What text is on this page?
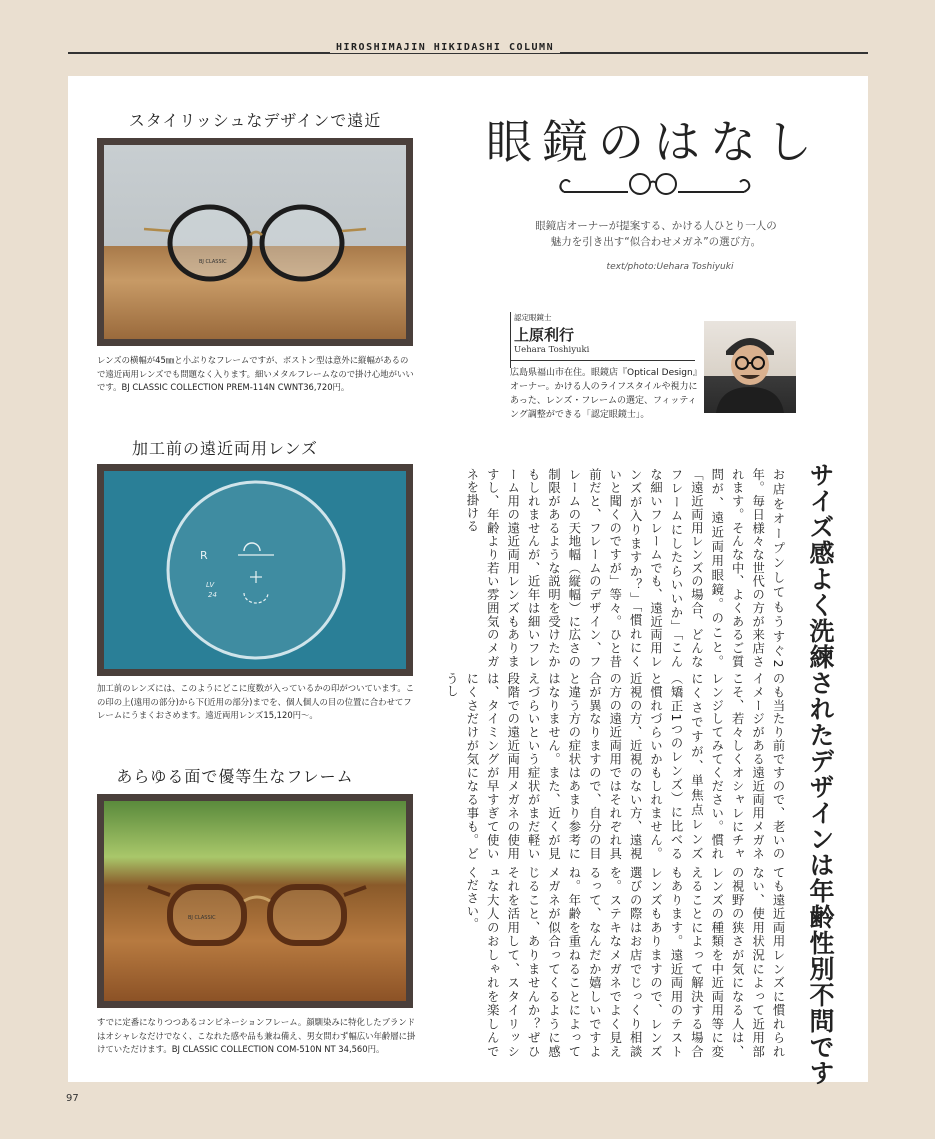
HIROSHIMAJIN HIKIDASHI COLUMN
スタイリッシュなデザインで遠近
BJ CLASSIC
レンズの横幅が45㎜と小ぶりなフレームですが、ボストン型は意外に縦幅があるので遠近両用レンズでも問題なく入ります。細いメタルフレームなので掛け心地がいいです。BJ CLASSIC COLLECTION PREM-114N CWNT36,720円。
加工前の遠近両用レンズ
R
LV
24
加工前のレンズには、このようにどこに度数が入っているかの印がついています。この印の上(遠用の部分)から下(近用の部分)までを、個人個人の目の位置に合わせてフレームにうまくおさめます。遠近両用レンズ15,120円〜。
あらゆる面で優等生なフレーム
BJ CLASSIC
すでに定番になりつつあるコンビネーションフレーム。顔馴染みに特化したブランドはオシャレなだけでなく、こなれた感や品も兼ね備え、男女問わず幅広い年齢層に掛けていただけます。BJ CLASSIC COLLECTION COM-510N NT 34,560円。
眼鏡のはなし
眼鏡店オーナーが提案する、かける人ひとり一人の
魅力を引き出す“似合わせメガネ”の選び方。
text/photo:Uehara Toshiyuki
認定眼鏡士
上原利行
Uehara Toshiyuki
広島県福山市在住。眼鏡店『Optical Design』オーナー。かける人のライフスタイルや視力にあった、レンズ・フレームの選定、フィッティング調整ができる「認定眼鏡士」。
サイズ感よく洗練されたデザインは年齢性別不問です

お店をオープンしてもうすぐ2年。毎日様々な世代の方が来店されます。そんな中、よくあるご質問が、遠近両用眼鏡。のこと。「遠近両用レンズの場合、どんなフレームにしたらいいか」「こんな細いフレームでも、遠近両用レンズが入りますか？」「慣れにくいと聞くのですが」等々。ひと昔前だと、フレームのデザイン、フレームの天地幅（縦幅）に広さの制限があるような説明を受けたかもしれませんが、近年は細いフレーム用の遠近両用レンズもありますし、年齢より若い雰囲気のメガネを掛ける

のも当たり前ですので、老いのイメージがある遠近両用メガネこそ、若々しくオシャレにチャレンジしてみてください。慣れにくさですが、単焦点レンズ（矯正1つのレンズ）に比べると慣れづらいかもしれません。近視の方、近視のない方、遠視の方の遠近両用ではそれぞれ具合が異なりますので、自分の目と違う方の症状はあまり参考にはなりません。また、近くが見えづらいという症状がまだ軽い段階での遠近両用メガネの使用は、タイミングが早すぎて使いにくさだけが気になる事も。どうし

ても遠近両用レンズに慣れられない、使用状況によって近用部の視野の狭さが気になる人は、レンズの種類を中近両用等に変えることによって解決する場合もあります。遠近両用のテストレンズもありますので、レンズ選びの際はお店でじっくり相談を。ステキなメガネでよく見えるって、なんだか嬉しいですよね。年齢を重ねることによってメガネが似合ってくるように感じること、ありませんか？ぜひそれを活用して、スタイリッシュな大人のおしゃれを楽しんでください。

97
